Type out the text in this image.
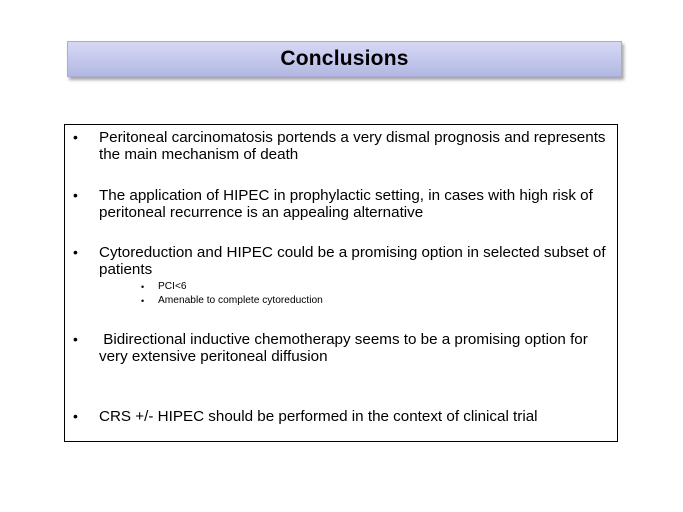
Conclusions
• Peritoneal carcinomatosis portends a very dismal prognosis and represents the main mechanism of death
• The application of HIPEC in prophylactic setting, in cases with high risk of peritoneal recurrence is an appealing alternative
• Cytoreduction and HIPEC could be a promising option in selected subset of patients
• PCI<6
• Amenable to complete cytoreduction
• Bidirectional inductive chemotherapy seems to be a promising option for very extensive peritoneal diffusion
• CRS +/- HIPEC should be performed in the context of clinical trial
